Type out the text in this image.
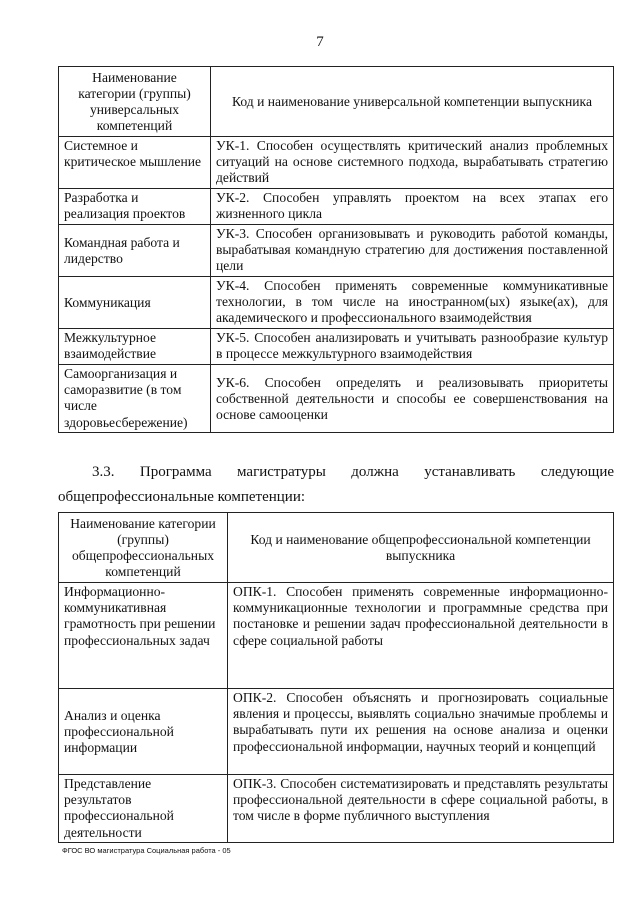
7
Наименование категории (группы) универсальных компетенций	Код и наименование универсальной компетенции выпускника
Системное и критическое мышление	УК-1. Способен осуществлять критический анализ проблемных ситуаций на основе системного подхода, вырабатывать стратегию действий
Разработка и реализация проектов	УК-2. Способен управлять проектом на всех этапах его жизненного цикла
Командная работа и лидерство	УК-3. Способен организовывать и руководить работой команды, вырабатывая командную стратегию для достижения поставленной цели
Коммуникация	УК-4. Способен применять современные коммуникативные технологии, в том числе на иностранном(ых) языке(ах), для академического и профессионального взаимодействия
Межкультурное взаимодействие	УК-5. Способен анализировать и учитывать разнообразие культур в процессе межкультурного взаимодействия
Самоорганизация и саморазвитие (в том числе здоровьесбережение)	УК-6. Способен определять и реализовывать приоритеты собственной деятельности и способы ее совершенствования на основе самооценки
3.3. Программа магистратуры должна устанавливать следующие
общепрофессиональные компетенции:
Наименование категории (группы) общепрофессиональных компетенций	Код и наименование общепрофессиональной компетенции выпускника
Информационно-коммуникативная грамотность при решении профессиональных задач	ОПК-1. Способен применять современные информационно-коммуникационные технологии и программные средства при постановке и решении задач профессиональной деятельности в сфере социальной работы
Анализ и оценка профессиональной информации	ОПК-2. Способен объяснять и прогнозировать социальные явления и процессы, выявлять социально значимые проблемы и вырабатывать пути их решения на основе анализа и оценки профессиональной информации, научных теорий и концепций
Представление результатов профессиональной деятельности	ОПК-3. Способен систематизировать и представлять результаты профессиональной деятельности в сфере социальной работы, в том числе в форме публичного выступления
ФГОС ВО магистратура Социальная работа - 05
